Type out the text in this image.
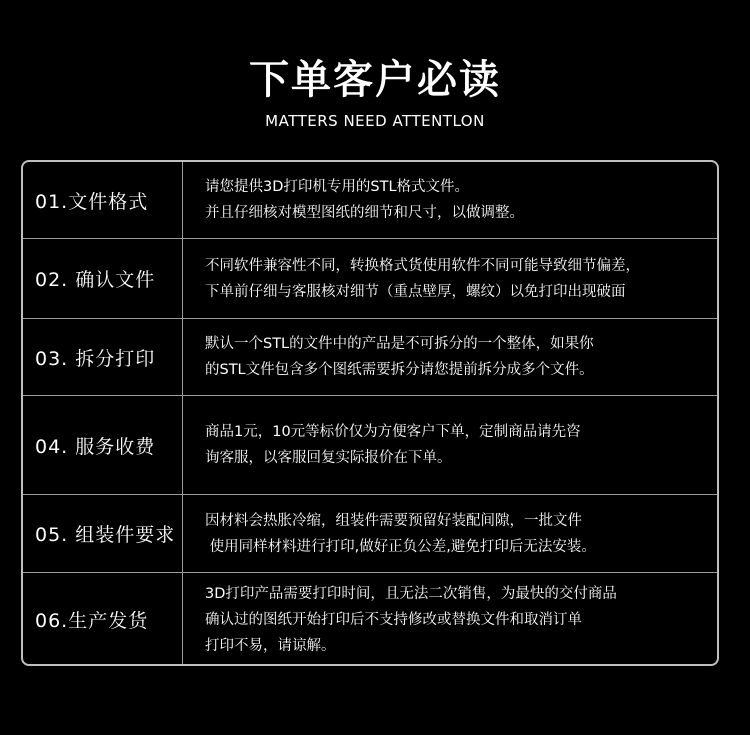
下单客户必读
MATTERS NEED ATTENTLON
01.文件格式
请您提供3D打印机专用的STL格式文件。
并且仔细核对模型图纸的细节和尺寸，以做调整。
02. 确认文件
不同软件兼容性不同，转换格式货使用软件不同可能导致细节偏差，
下单前仔细与客服核对细节（重点壁厚，螺纹）以免打印出现破面
03. 拆分打印
默认一个STL的文件中的产品是不可拆分的一个整体，如果你
的STL文件包含多个图纸需要拆分请您提前拆分成多个文件。
04. 服务收费
商品1元，10元等标价仅为方便客户下单，定制商品请先咨
询客服，以客服回复实际报价在下单。
05. 组装件要求
因材料会热胀冷缩，组装件需要预留好装配间隙，一批文件
使用同样材料进行打印,做好正负公差,避免打印后无法安装。
06.生产发货
3D打印产品需要打印时间，且无法二次销售，为最快的交付商品
确认过的图纸开始打印后不支持修改或替换文件和取消订单
打印不易，请谅解。
